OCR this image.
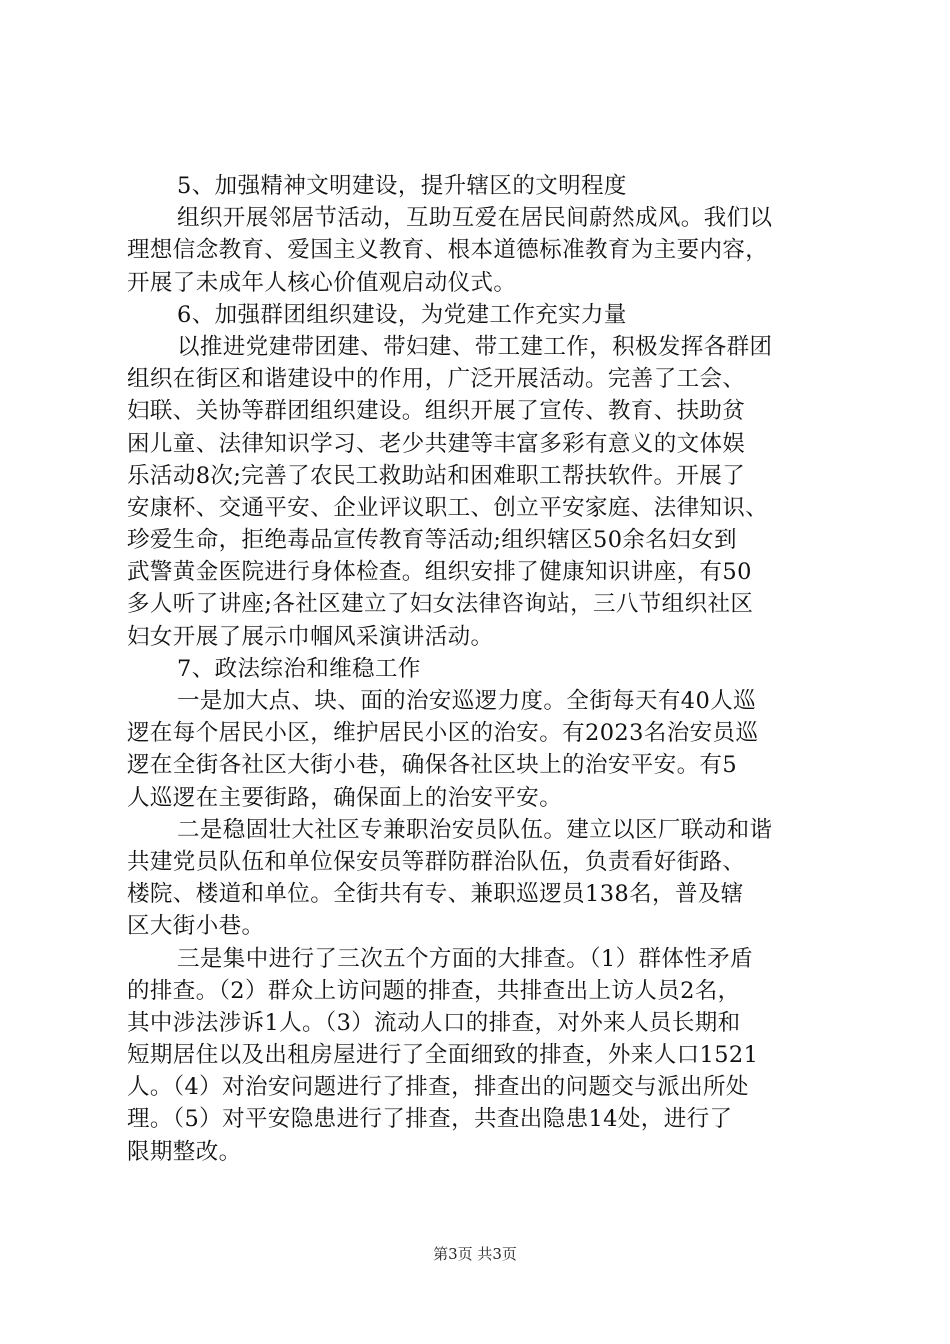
5、加强精神文明建设，提升辖区的文明程度
组织开展邻居节活动，互助互爱在居民间蔚然成风。我们以
理想信念教育、爱国主义教育、根本道德标准教育为主要内容，
开展了未成年人核心价值观启动仪式。
6、加强群团组织建设，为党建工作充实力量
以推进党建带团建、带妇建、带工建工作，积极发挥各群团
组织在街区和谐建设中的作用，广泛开展活动。完善了工会、
妇联、关协等群团组织建设。组织开展了宣传、教育、扶助贫
困儿童、法律知识学习、老少共建等丰富多彩有意义的文体娱
乐活动8次;完善了农民工救助站和困难职工帮扶软件。开展了
安康杯、交通平安、企业评议职工、创立平安家庭、法律知识、
珍爱生命，拒绝毒品宣传教育等活动;组织辖区50余名妇女到
武警黄金医院进行身体检查。组织安排了健康知识讲座，有50
多人听了讲座;各社区建立了妇女法律咨询站，三八节组织社区
妇女开展了展示巾帼风采演讲活动。
7、政法综治和维稳工作
一是加大点、块、面的治安巡逻力度。全街每天有40人巡
逻在每个居民小区，维护居民小区的治安。有2023名治安员巡
逻在全街各社区大街小巷，确保各社区块上的治安平安。有5
人巡逻在主要街路，确保面上的治安平安。
二是稳固壮大社区专兼职治安员队伍。建立以区厂联动和谐
共建党员队伍和单位保安员等群防群治队伍，负责看好街路、
楼院、楼道和单位。全街共有专、兼职巡逻员138名，普及辖
区大街小巷。
三是集中进行了三次五个方面的大排查。（1）群体性矛盾
的排查。（2）群众上访问题的排查，共排查出上访人员2名，
其中涉法涉诉1人。（3）流动人口的排查，对外来人员长期和
短期居住以及出租房屋进行了全面细致的排查，外来人口1521
人。（4）对治安问题进行了排查，排查出的问题交与派出所处
理。（5）对平安隐患进行了排查，共查出隐患14处，进行了
限期整改。
第3页 共3页
